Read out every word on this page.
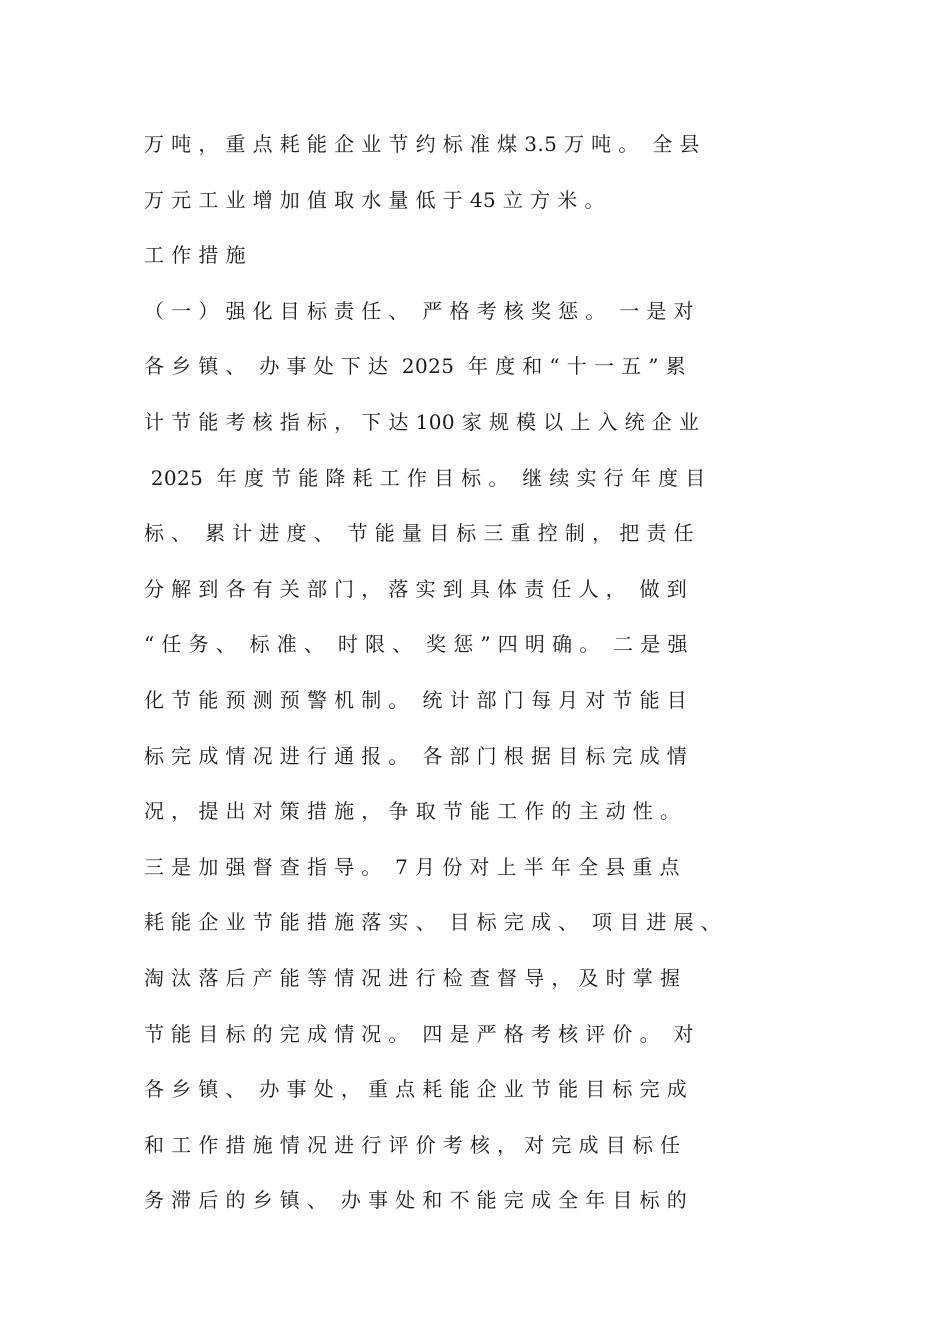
万 吨 ， 重 点 耗 能 企 业 节 约 标 准 煤 3.5 万 吨 。  全 县
万 元 工 业 增 加 值 取 水 量 低 于 45 立 方 米 。
工 作 措 施
（ 一 ） 强 化 目 标 责 任 、  严 格 考 核 奖 惩 。  一 是 对
各 乡 镇 、  办 事 处 下 达  2025  年 度 和 “ 十 一 五 ” 累
计 节 能 考 核 指 标 ， 下 达 100 家 规 模 以 上 入 统 企 业
2025  年 度 节 能 降 耗 工 作 目 标 。  继 续 实 行 年 度 目
标 、  累 计 进 度 、  节 能 量 目 标 三 重 控 制 ， 把 责 任
分 解 到 各 有 关 部 门 ， 落 实 到 具 体 责 任 人 ，  做 到
“ 任 务 、  标 准 、  时 限 、  奖 惩 ” 四 明 确 。  二 是 强
化 节 能 预 测 预 警 机 制 。  统 计 部 门 每 月 对 节 能 目
标 完 成 情 况 进 行 通 报 。  各 部 门 根 据 目 标 完 成 情
况 ， 提 出 对 策 措 施 ， 争 取 节 能 工 作 的 主 动 性 。
三 是 加 强 督 查 指 导 。  7 月 份 对 上 半 年 全 县 重 点
耗 能 企 业 节 能 措 施 落 实 、  目 标 完 成 、  项 目 进 展 、
淘 汰 落 后 产 能 等 情 况 进 行 检 查 督 导 ， 及 时 掌 握
节 能 目 标 的 完 成 情 况 。  四 是 严 格 考 核 评 价 。  对
各 乡 镇 、  办 事 处 ， 重 点 耗 能 企 业 节 能 目 标 完 成
和 工 作 措 施 情 况 进 行 评 价 考 核 ， 对 完 成 目 标 任
务 滞 后 的 乡 镇 、  办 事 处 和 不 能 完 成 全 年 目 标 的
